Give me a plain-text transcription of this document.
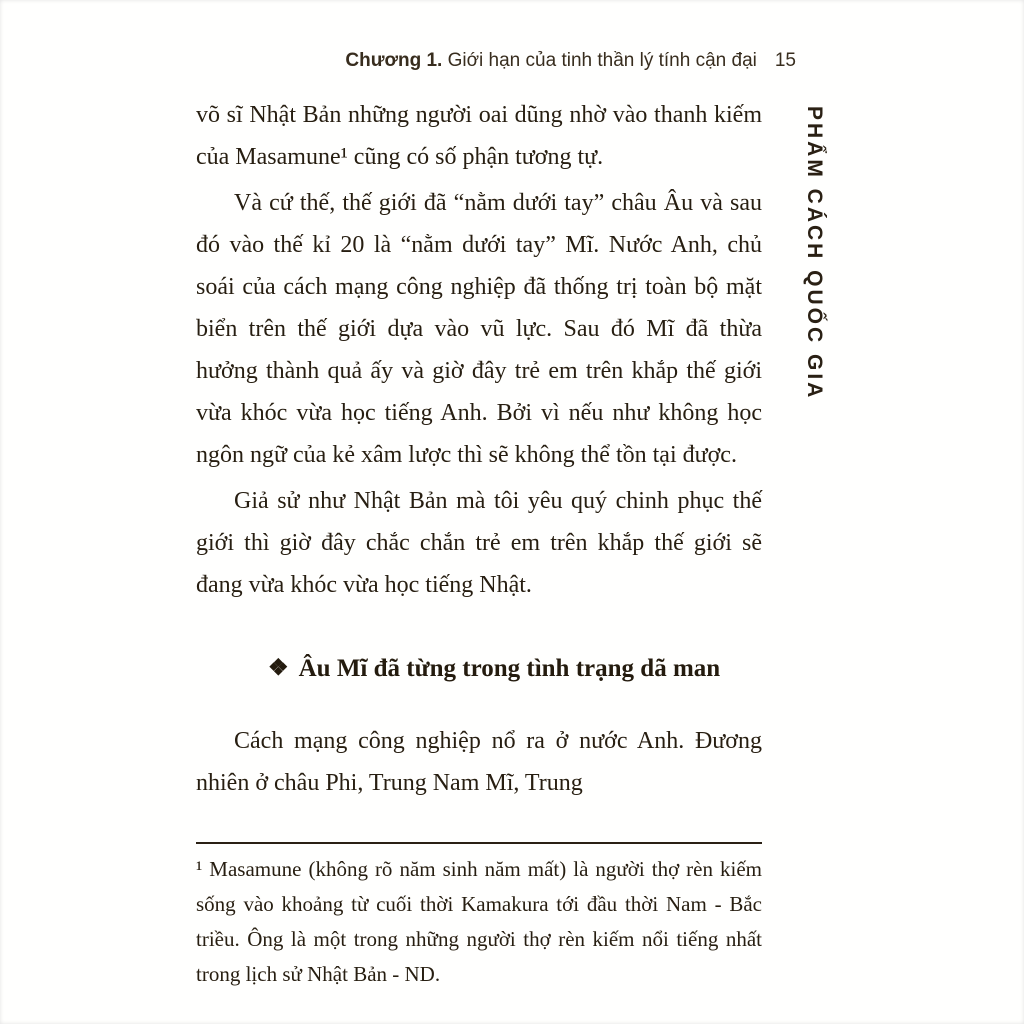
Chương 1. Giới hạn của tinh thần lý tính cận đại 15
PHẨM CÁCH QUỐC GIA

võ sĩ Nhật Bản những người oai dũng nhờ vào thanh kiếm của Masamune¹ cũng có số phận tương tự.

Và cứ thế, thế giới đã “nằm dưới tay” châu Âu và sau đó vào thế kỉ 20 là “nằm dưới tay” Mĩ. Nước Anh, chủ soái của cách mạng công nghiệp đã thống trị toàn bộ mặt biển trên thế giới dựa vào vũ lực. Sau đó Mĩ đã thừa hưởng thành quả ấy và giờ đây trẻ em trên khắp thế giới vừa khóc vừa học tiếng Anh. Bởi vì nếu như không học ngôn ngữ của kẻ xâm lược thì sẽ không thể tồn tại được.

Giả sử như Nhật Bản mà tôi yêu quý chinh phục thế giới thì giờ đây chắc chắn trẻ em trên khắp thế giới sẽ đang vừa khóc vừa học tiếng Nhật.

❖ Âu Mĩ đã từng trong tình trạng dã man

Cách mạng công nghiệp nổ ra ở nước Anh. Đương nhiên ở châu Phi, Trung Nam Mĩ, Trung

¹ Masamune (không rõ năm sinh năm mất) là người thợ rèn kiếm sống vào khoảng từ cuối thời Kamakura tới đầu thời Nam - Bắc triều. Ông là một trong những người thợ rèn kiếm nổi tiếng nhất trong lịch sử Nhật Bản - ND.
